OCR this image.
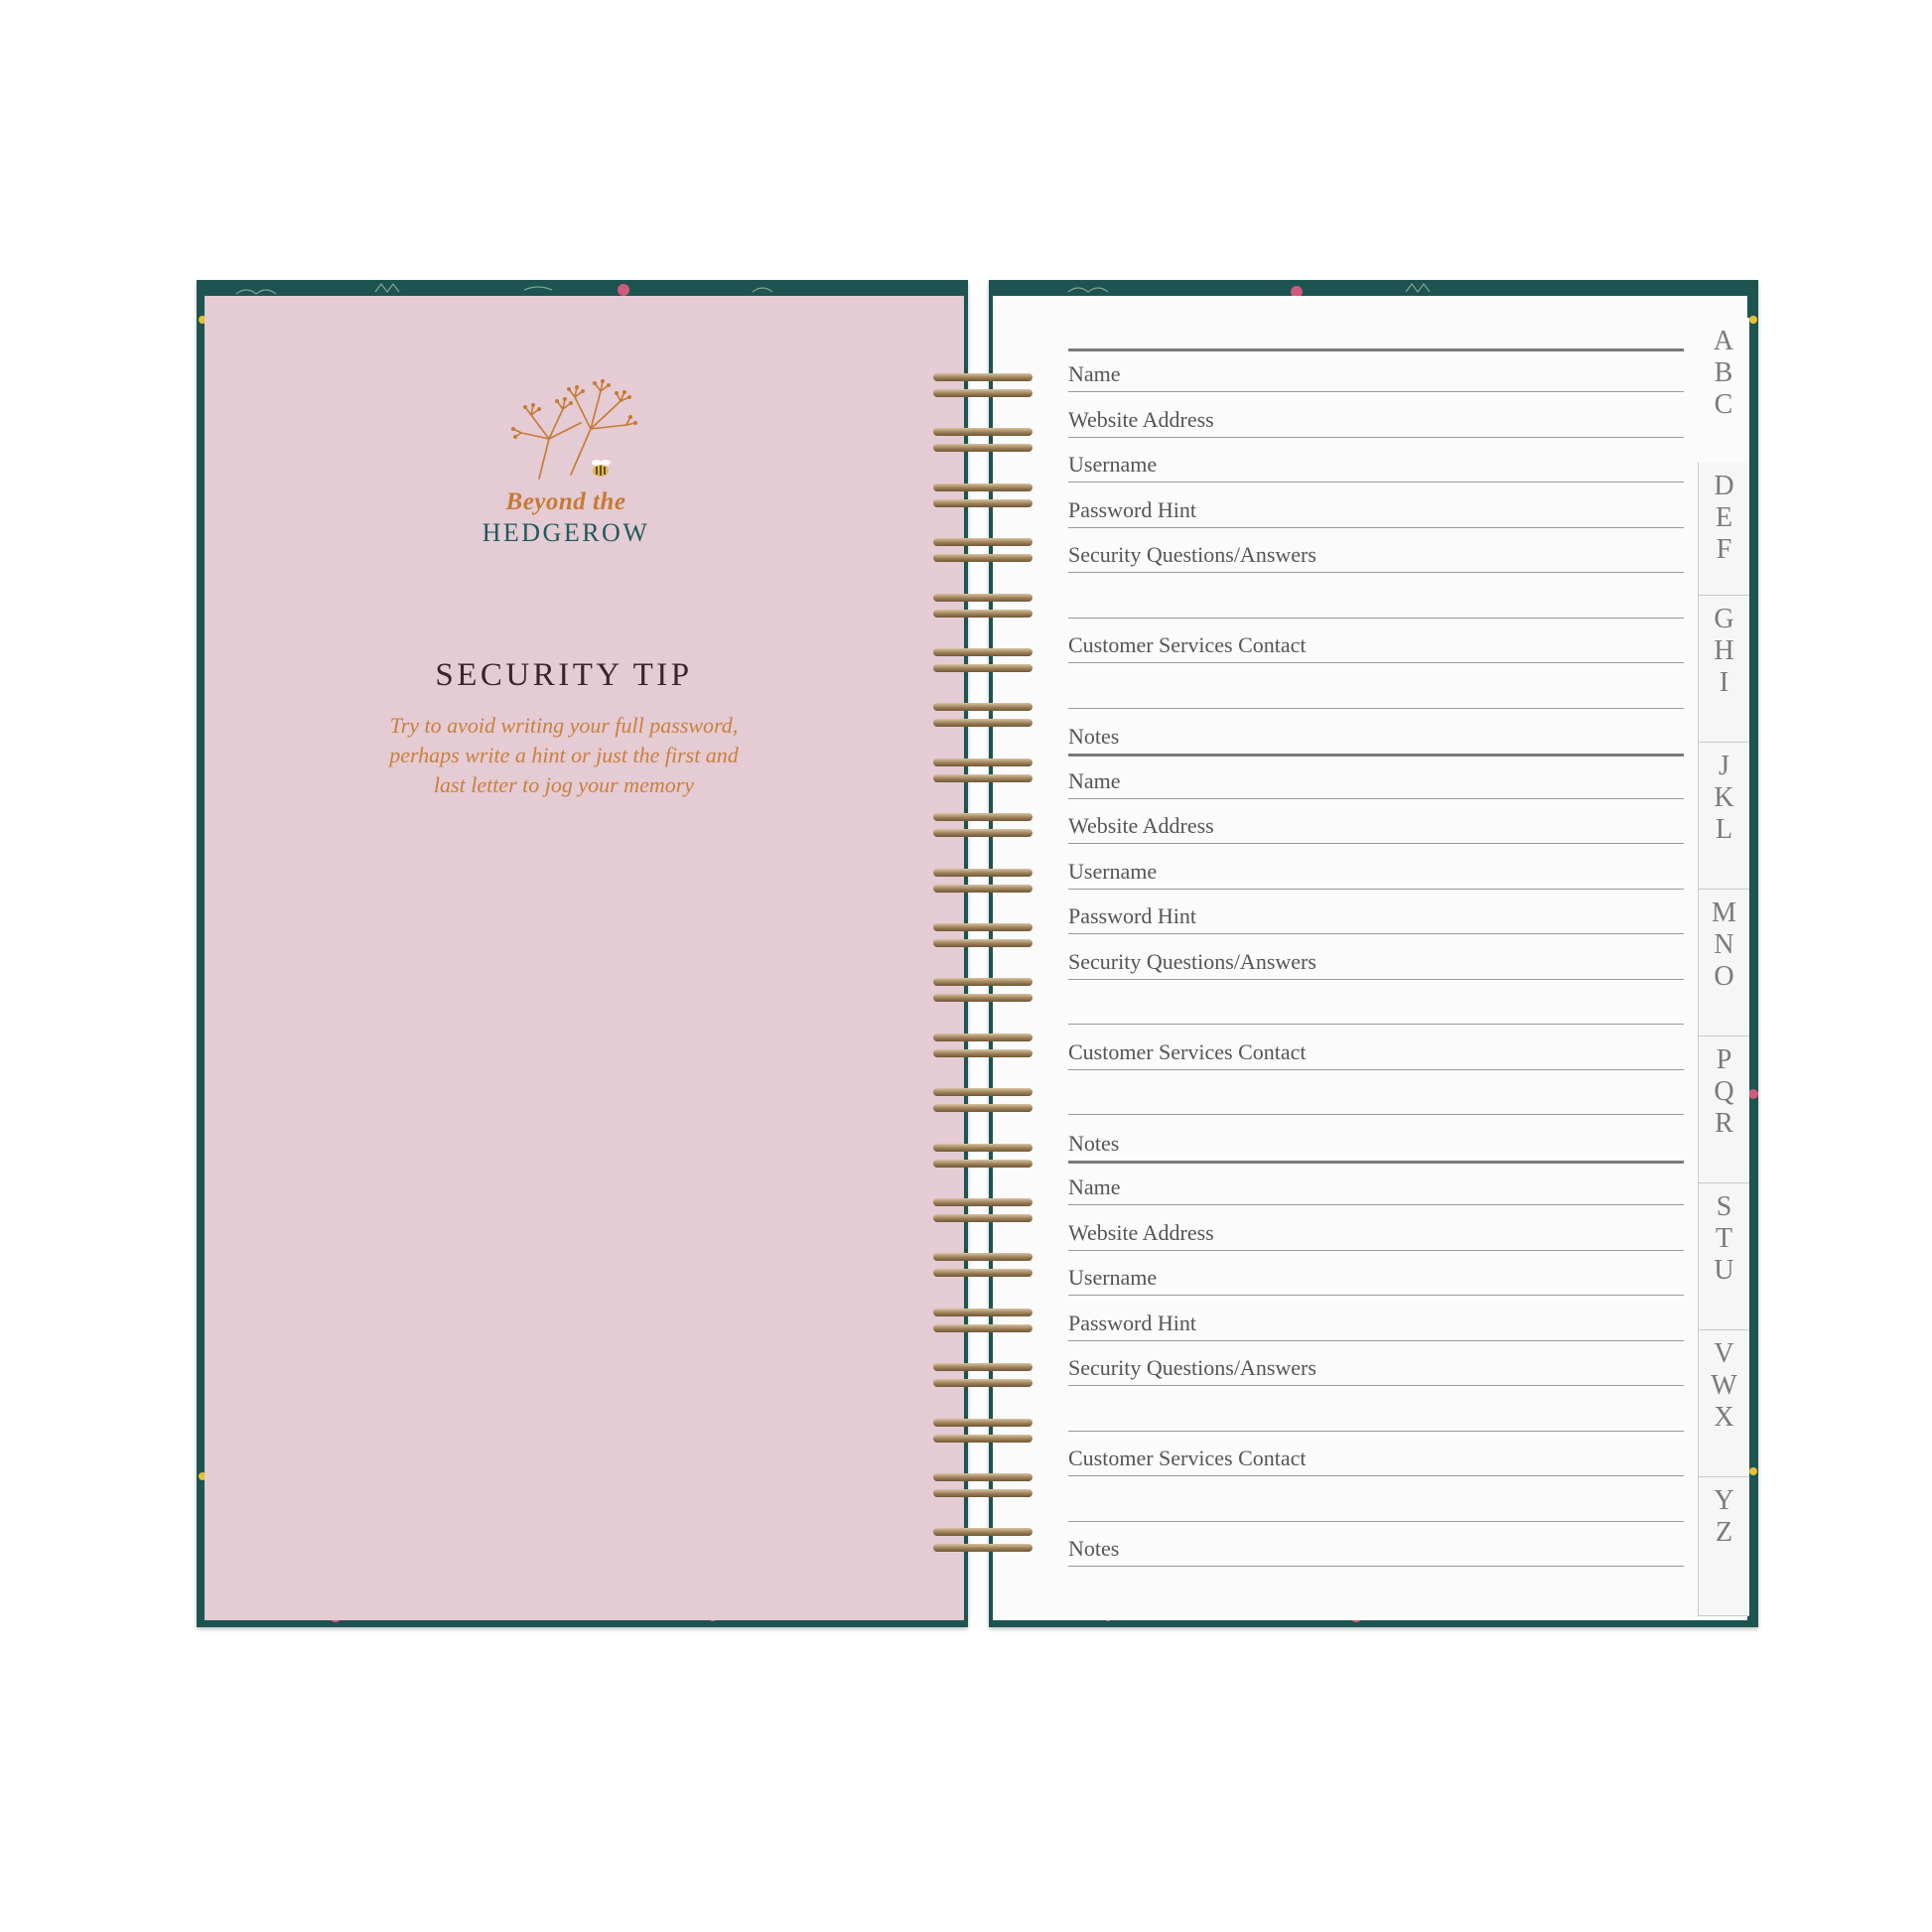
Beyond the
HEDGEROW
SECURITY TIP
Try to avoid writing your full password, perhaps write a hint or just the first and last letter to jog your memory
Name
Website Address
Username
Password Hint
Security Questions/Answers
Customer Services Contact
Notes
Name
Website Address
Username
Password Hint
Security Questions/Answers
Customer Services Contact
Notes
Name
Website Address
Username
Password Hint
Security Questions/Answers
Customer Services Contact
Notes
A
B
C
D
E
F
G
H
I
J
K
L
M
N
O
P
Q
R
S
T
U
V
W
X
Y
Z
